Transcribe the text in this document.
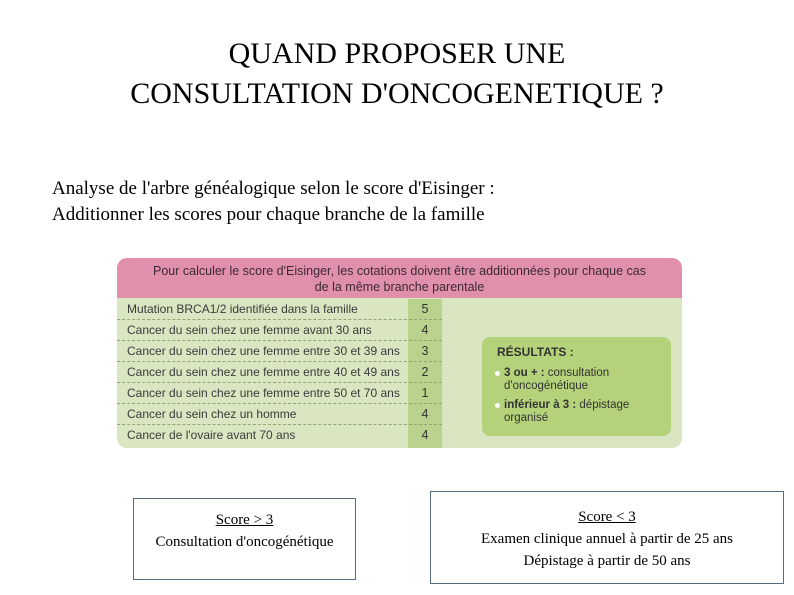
QUAND PROPOSER UNE
CONSULTATION D'ONCOGENETIQUE ?
Analyse de l'arbre généalogique selon le score d'Eisinger :
Additionner les scores pour chaque branche de la famille
Pour calculer le score d'Eisinger, les cotations doivent être additionnées pour chaque cas
de la même branche parentale
Mutation BRCA1/2 identifiée dans la famille	5
Cancer du sein chez une femme avant 30 ans	4
Cancer du sein chez une femme entre 30 et 39 ans	3
Cancer du sein chez une femme entre 40 et 49 ans	2
Cancer du sein chez une femme entre 50 et 70 ans	1
Cancer du sein chez un homme	4
Cancer de l'ovaire avant 70 ans	4
RÉSULTATS :
3 ou + : consultation d'oncogénétique
inférieur à 3 : dépistage organisé
Score > 3
Consultation d'oncogénétique
Score < 3
Examen clinique annuel à partir de 25 ans
Dépistage à partir de 50 ans
